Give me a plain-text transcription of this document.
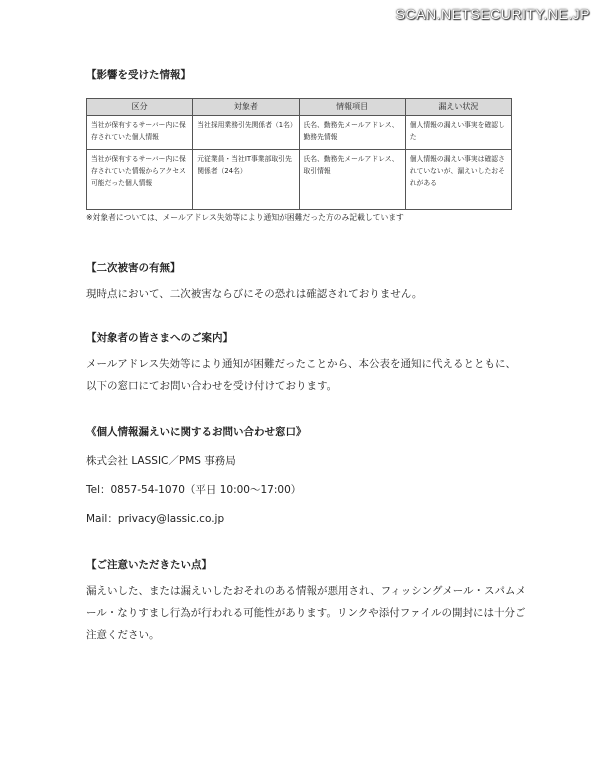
SCAN.NETSECURITY.NE.JP

【影響を受けた情報】

区分	対象者	情報項目	漏えい状況
当社が保有するサーバー内に保存されていた個人情報	当社採用業務引先関係者（1名）	氏名、勤務先メールアドレス、勤務先情報	個人情報の漏えい事実を確認した
当社が保有するサーバー内に保存されていた情報からアクセス可能だった個人情報	元従業員・当社IT事業部取引先関係者（24名）	氏名、勤務先メールアドレス、取引情報	個人情報の漏えい事実は確認されていないが、漏えいしたおそれがある
※対象者については、メールアドレス失効等により通知が困難だった方のみ記載しています

【二次被害の有無】

現時点において、二次被害ならびにその恐れは確認されておりません。

【対象者の皆さまへのご案内】

メールアドレス失効等により通知が困難だったことから、本公表を通知に代えるとともに、以下の窓口にてお問い合わせを受け付けております。

《個人情報漏えいに関するお問い合わせ窓口》

株式会社 LASSIC／PMS 事務局

Tel：0857-54-1070（平日 10:00～17:00）

Mail：privacy@lassic.co.jp

【ご注意いただきたい点】

漏えいした、または漏えいしたおそれのある情報が悪用され、フィッシングメール・スパムメール・なりすまし行為が行われる可能性があります。リンクや添付ファイルの開封には十分ご注意ください。
